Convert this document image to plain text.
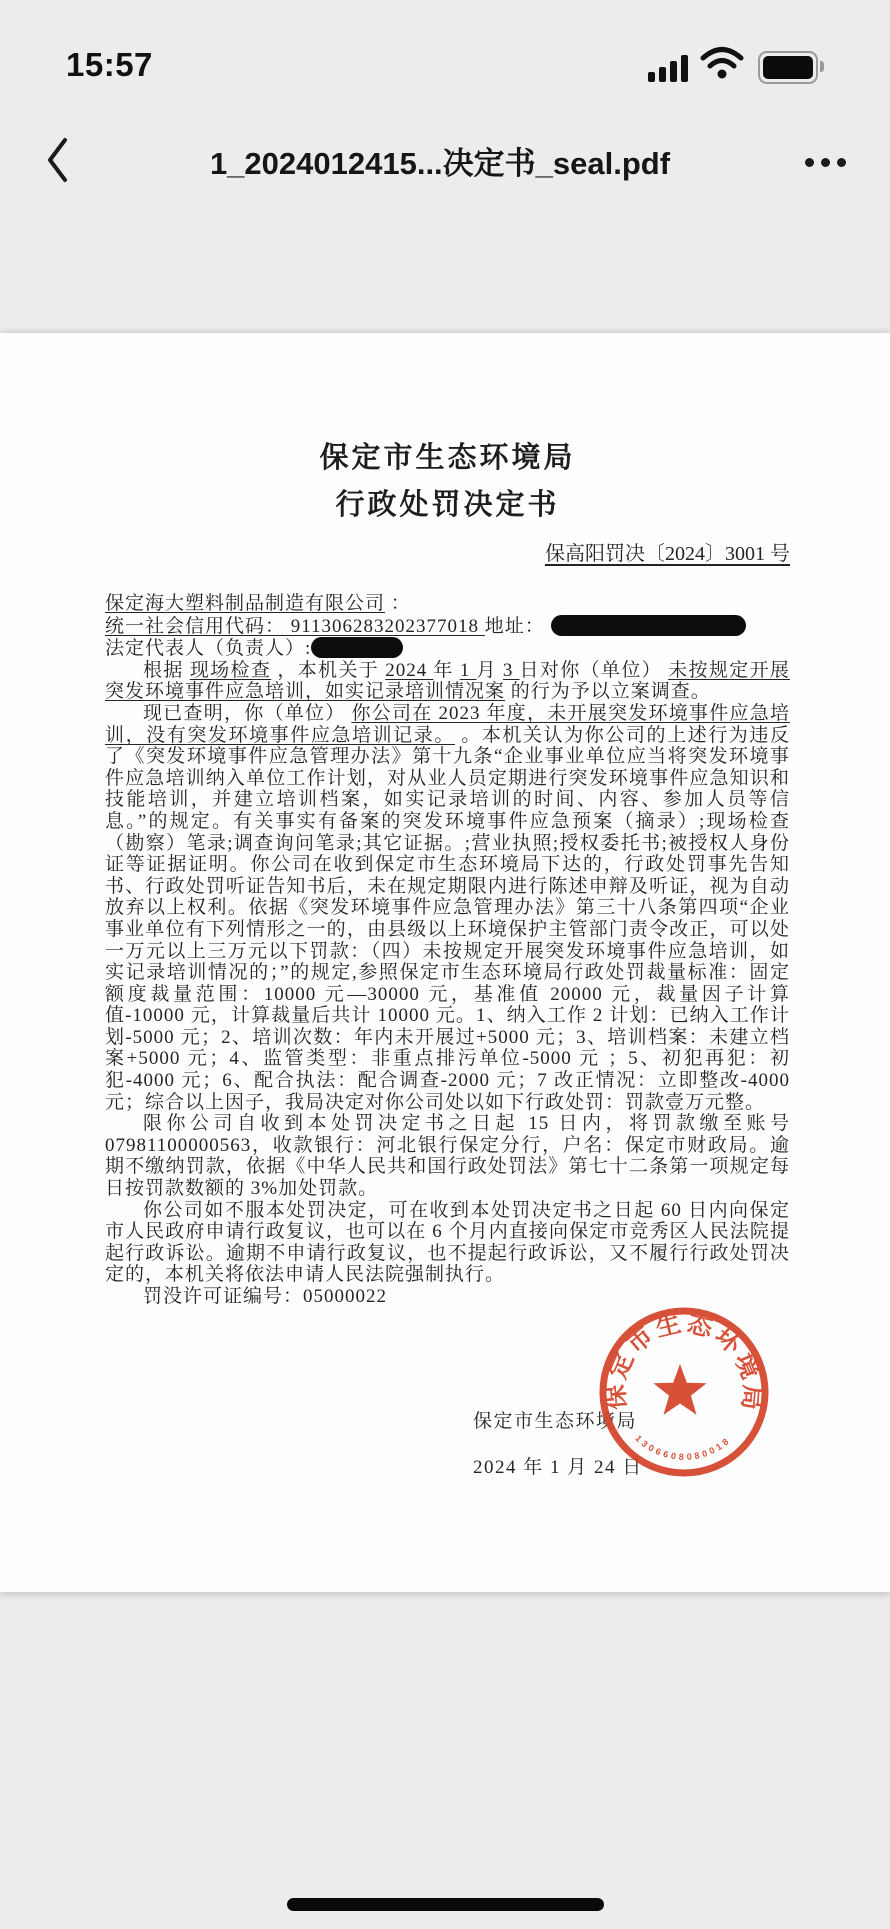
15:57
1_2024012415...决定书_seal.pdf
保定市生态环境局
行政处罚决定书
保高阳罚决〔2024〕3001 号

保定海大塑料制品制造有限公司 ：

统一社会信用代码： 911306283202377018 地址：

法定代表人（负责人）:

根据 现场检查 ，本机关于 2024 年 1 月 3 日对你（单位） 未按规定开展突发环境事件应急培训，如实记录培训情况案 的行为予以立案调查。

现已查明，你（单位） 你公司在 2023 年度，未开展突发环境事件应急培训，没有突发环境事件应急培训记录。 。本机关认为你公司的上述行为违反了《突发环境事件应急管理办法》第十九条“企业事业单位应当将突发环境事件应急培训纳入单位工作计划，对从业人员定期进行突发环境事件应急知识和技能培训，并建立培训档案，如实记录培训的时间、内容、参加人员等信息。”的规定。有关事实有备案的突发环境事件应急预案（摘录）;现场检查（勘察）笔录;调查询问笔录;其它证据。;营业执照;授权委托书;被授权人身份证等证据证明。你公司在收到保定市生态环境局下达的，行政处罚事先告知书、行政处罚听证告知书后，未在规定期限内进行陈述申辩及听证，视为自动放弃以上权利。依据《突发环境事件应急管理办法》第三十八条第四项“企业事业单位有下列情形之一的，由县级以上环境保护主管部门责令改正，可以处一万元以上三万元以下罚款：（四）未按规定开展突发环境事件应急培训，如实记录培训情况的；”的规定,参照保定市生态环境局行政处罚裁量标准：固定额度裁量范围：10000 元—30000 元，基准值 20000 元，裁量因子计算值-10000 元，计算裁量后共计 10000 元。1、纳入工作 2 计划：已纳入工作计划-5000 元；2、培训次数：年内未开展过+5000 元；3、培训档案：未建立档案+5000 元；4、监管类型：非重点排污单位-5000 元 ；5、初犯再犯：初犯-4000 元；6、配合执法：配合调查-2000 元；7 改正情况：立即整改-4000 元；综合以上因子，我局决定对你公司处以如下行政处罚：罚款壹万元整。

限你公司自收到本处罚决定书之日起 15 日内，将罚款缴至账号 07981100000563，收款银行：河北银行保定分行，户名：保定市财政局。逾期不缴纳罚款，依据《中华人民共和国行政处罚法》第七十二条第一项规定每日按罚款数额的 3%加处罚款。

你公司如不服本处罚决定，可在收到本处罚决定书之日起 60 日内向保定市人民政府申请行政复议，也可以在 6 个月内直接向保定市竞秀区人民法院提起行政诉讼。逾期不申请行政复议，也不提起行政诉讼，又不履行行政处罚决定的，本机关将依法申请人民法院强制执行。

罚没许可证编号：05000022

保定市生态环境局
2024 年 1 月 24 日
保定市生态环境局
1306608080018
